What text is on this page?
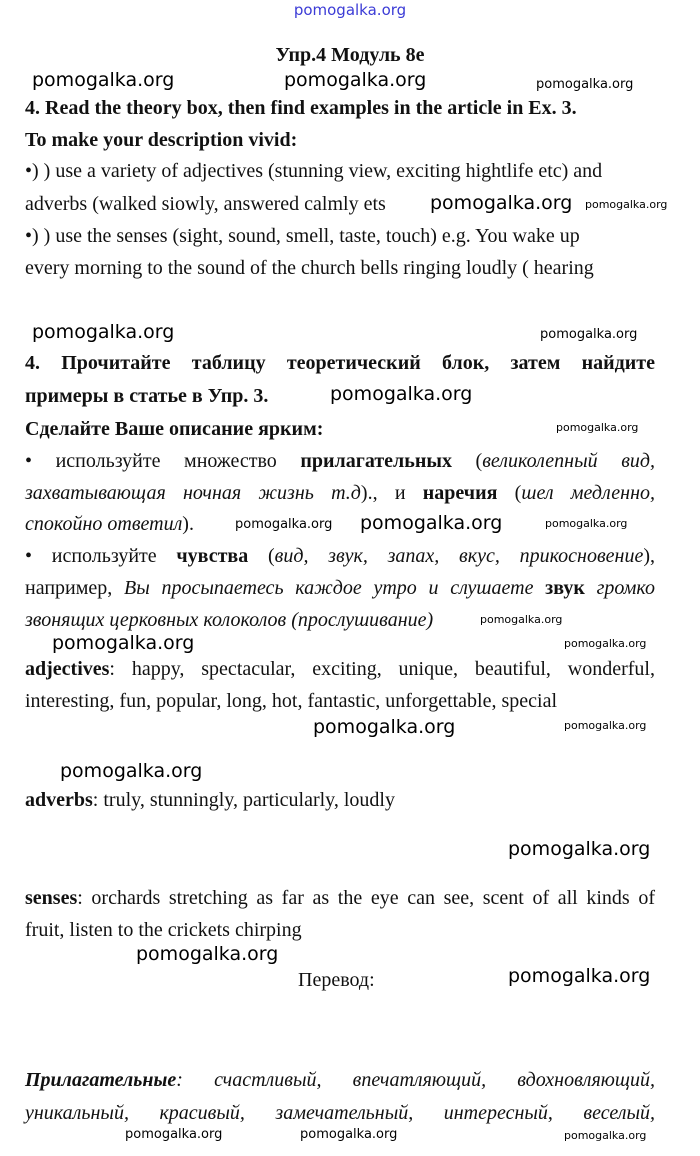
pomogalka.org
pomogalka.org	pomogalka.org	pomogalka.org
pomogalka.org pomogalka.org
pomogalka.org	pomogalka.org
pomogalka.org
pomogalka.org
pomogalka.org pomogalka.org	pomogalka.org
pomogalka.org
pomogalka.org	pomogalka.org
pomogalka.org
pomogalka.org
pomogalka.org
pomogalka.org
pomogalka.org
pomogalka.org
pomogalka.org	pomogalka.org	pomogalka.org
Упр.4 Модуль 8е
4. Read the theory box, then find examples in the article in Ex. 3.
To make your description vivid:
•) ) use a variety of adjectives (stunning view, exciting hightlife etc) and
adverbs (walked siowly, answered calmly ets
•) ) use the senses (sight, sound, smell, taste, touch) e.g. You wake up
every morning to the sound of the church bells ringing loudly ( hearing
4. Прочитайте таблицу теоретический блок, затем найдите
примеры в статье в Упр. 3.
Сделайте Ваше описание ярким:
• используйте множество прилагательных (великолепный вид,
захватывающая ночная жизнь т.д)., и наречия (шел медленно,
спокойно ответил).
• используйте чувства (вид, звук, запах, вкус, прикосновение),
например, Вы просыпаетесь каждое утро и слушаете звук громко
звонящих церковных колоколов (прослушивание)
adjectives: happy, spectacular, exciting, unique, beautiful, wonderful,
interesting, fun, popular, long, hot, fantastic, unforgettable, special
adverbs: truly, stunningly, particularly, loudly
senses: orchards stretching as far as the eye can see, scent of all kinds of
fruit, listen to the crickets chirping
Перевод:
Прилагательные: счастливый, впечатляющий, вдохновляющий,
уникальный, красивый, замечательный, интересный, веселый,
